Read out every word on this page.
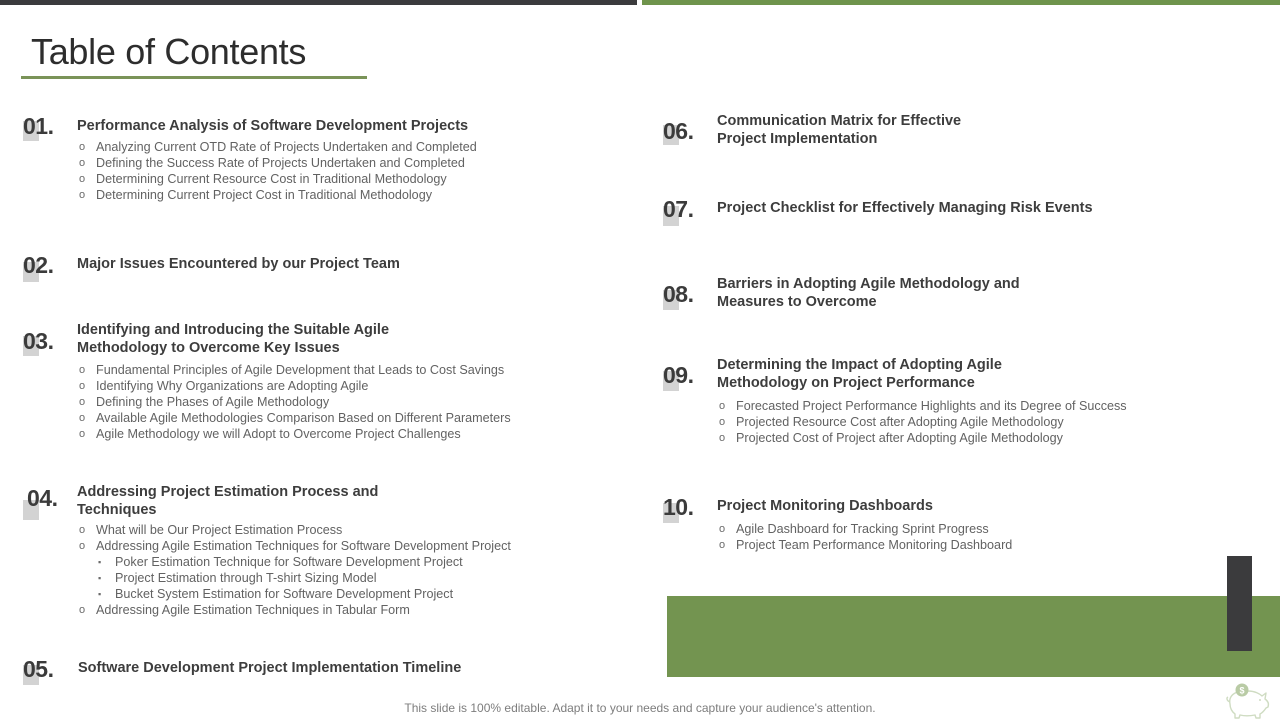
Table of Contents
01. Performance Analysis of Software Development Projects
o Analyzing Current OTD Rate of Projects Undertaken and Completed
o Defining the Success Rate of Projects Undertaken and Completed
o Determining Current Resource Cost in Traditional Methodology
o Determining Current Project Cost in Traditional Methodology
02. Major Issues Encountered by our Project Team
03. Identifying and Introducing the Suitable Agile
Methodology to Overcome Key Issues
o Fundamental Principles of Agile Development that Leads to Cost Savings
o Identifying Why Organizations are Adopting Agile
o Defining the Phases of Agile Methodology
o Available Agile Methodologies Comparison Based on Different Parameters
o Agile Methodology we will Adopt to Overcome Project Challenges
04. Addressing Project Estimation Process and
Techniques
o What will be Our Project Estimation Process
o Addressing Agile Estimation Techniques for Software Development Project
▪ Poker Estimation Technique for Software Development Project
▪ Project Estimation through T-shirt Sizing Model
▪ Bucket System Estimation for Software Development Project
o Addressing Agile Estimation Techniques in Tabular Form
05. Software Development Project Implementation Timeline
06. Communication Matrix for Effective
Project Implementation
07. Project Checklist for Effectively Managing Risk Events
08. Barriers in Adopting Agile Methodology and
Measures to Overcome
09. Determining the Impact of Adopting Agile
Methodology on Project Performance
o Forecasted Project Performance Highlights and its Degree of Success
o Projected Resource Cost after Adopting Agile Methodology
o Projected Cost of Project after Adopting Agile Methodology
10. Project Monitoring Dashboards
o Agile Dashboard for Tracking Sprint Progress
o Project Team Performance Monitoring Dashboard
This slide is 100% editable. Adapt it to your needs and capture your audience's attention.
$
